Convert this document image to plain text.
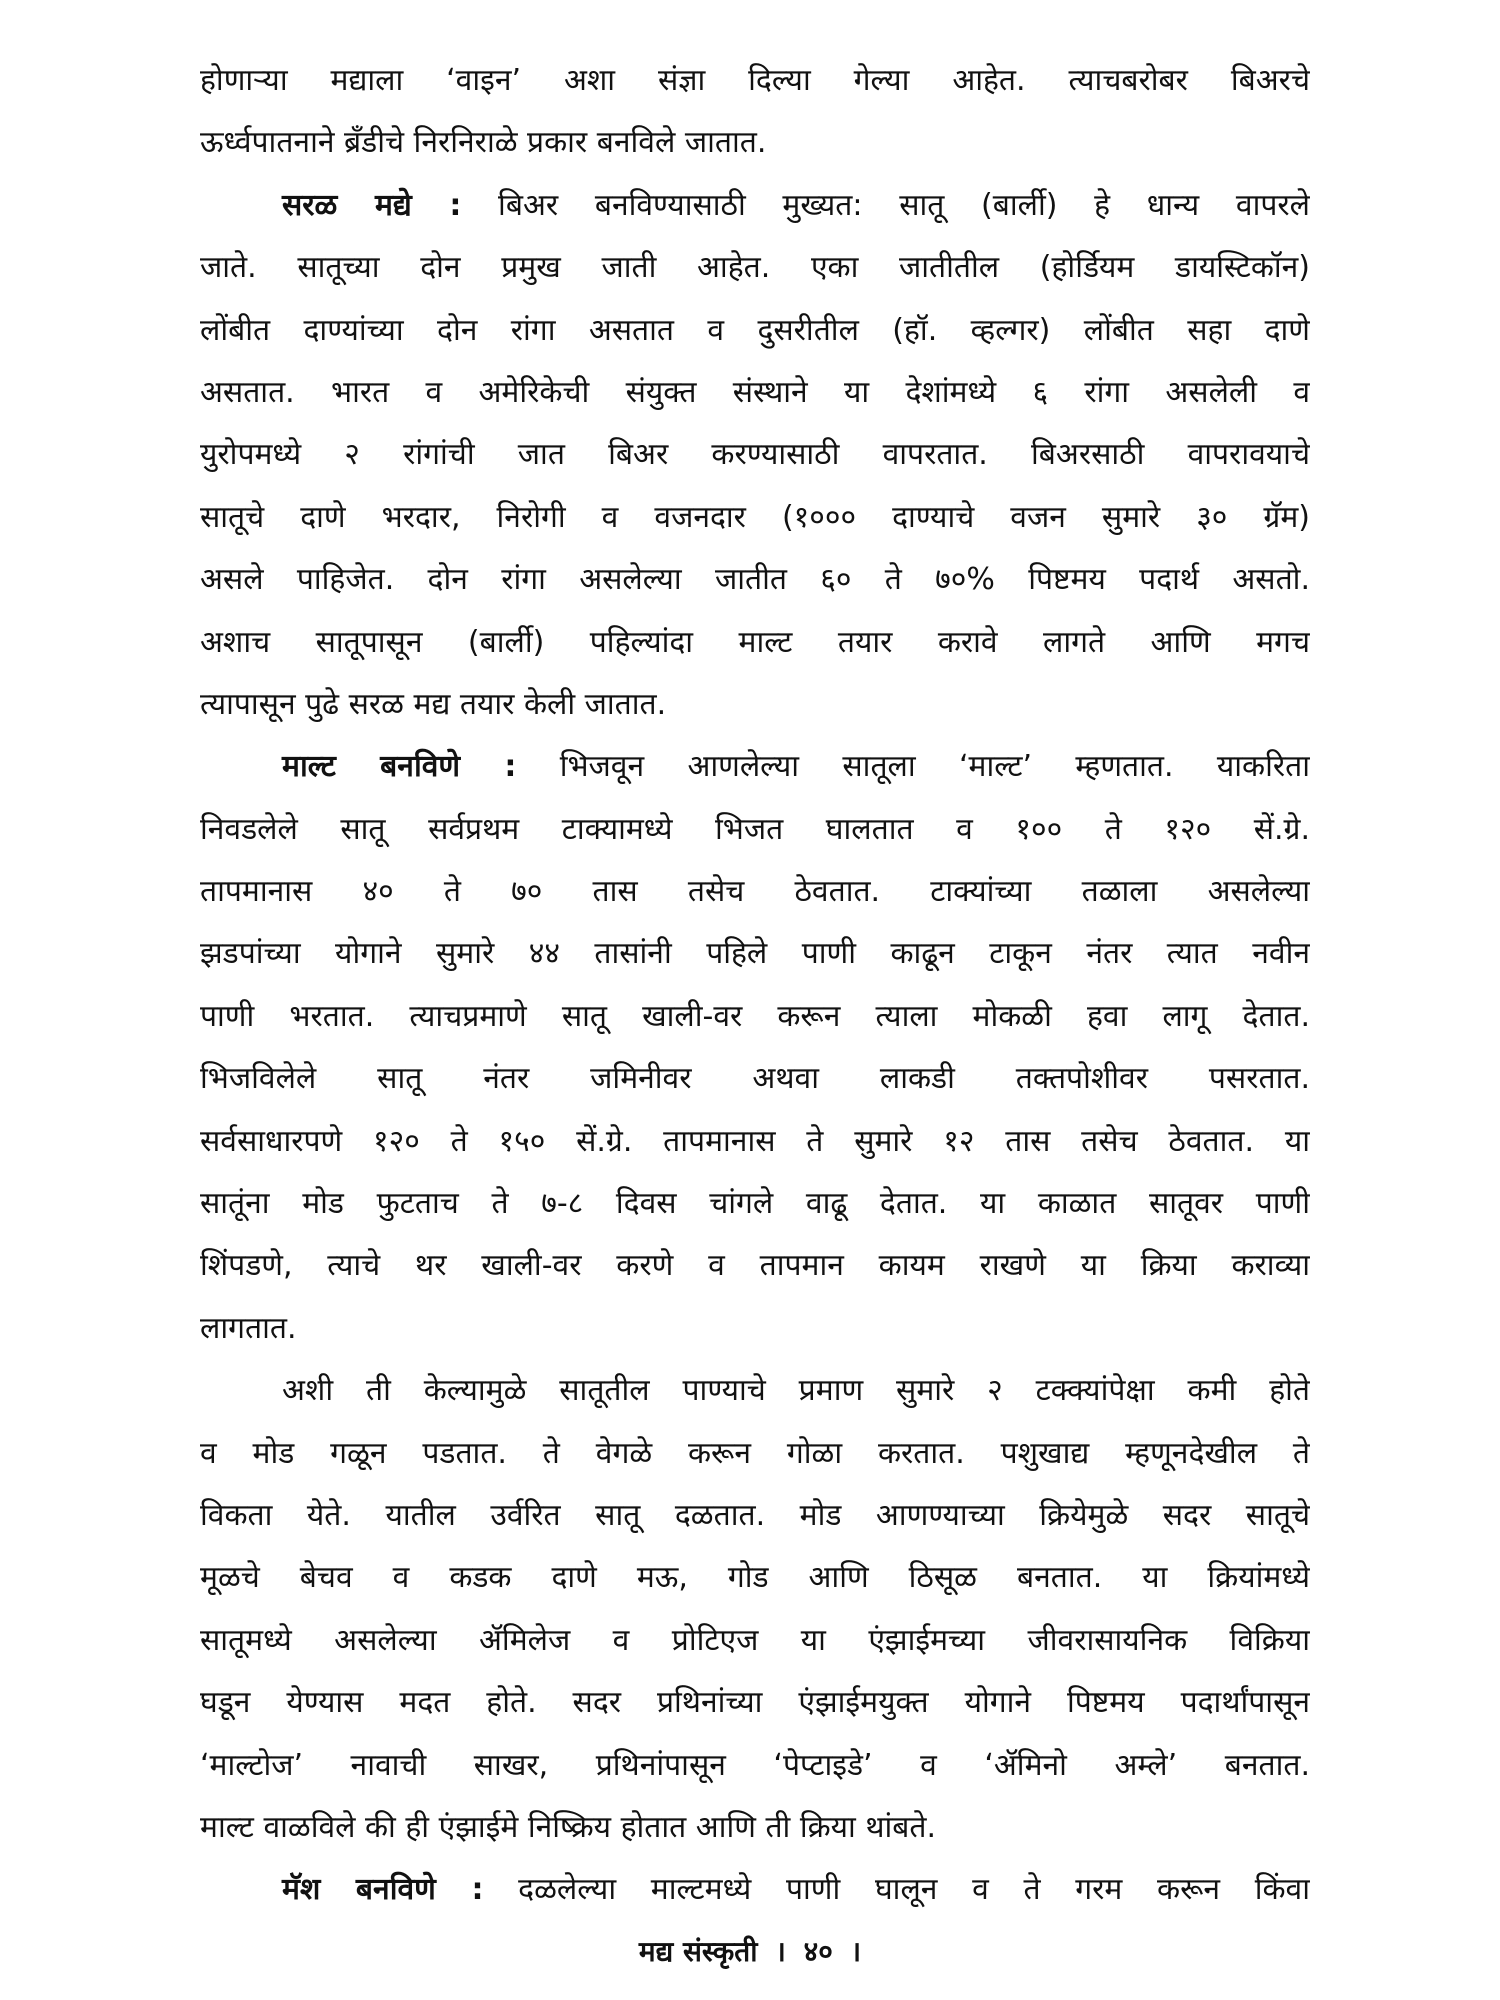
होणाऱ्या मद्याला ‘वाइन’ अशा संज्ञा दिल्या गेल्या आहेत. त्याचबरोबर बिअरचे
ऊर्ध्वपातनाने ब्रँडीचे निरनिराळे प्रकार बनविले जातात.
सरळ मद्ये : बिअर बनविण्यासाठी मुख्यत: सातू (बार्ली) हे धान्य वापरले
जाते. सातूच्या दोन प्रमुख जाती आहेत. एका जातीतील (होर्डियम डायस्टिकॉन)
लोंबीत दाण्यांच्या दोन रांगा असतात व दुसरीतील (हॉ. व्हल्गर) लोंबीत सहा दाणे
असतात. भारत व अमेरिकेची संयुक्त संस्थाने या देशांमध्ये ६ रांगा असलेली व
युरोपमध्ये २ रांगांची जात बिअर करण्यासाठी वापरतात. बिअरसाठी वापरावयाचे
सातूचे दाणे भरदार, निरोगी व वजनदार (१००० दाण्याचे वजन सुमारे ३० ग्रॅम)
असले पाहिजेत. दोन रांगा असलेल्या जातीत ६० ते ७०% पिष्टमय पदार्थ असतो.
अशाच सातूपासून (बार्ली) पहिल्यांदा माल्ट तयार करावे लागते आणि मगच
त्यापासून पुढे सरळ मद्य तयार केली जातात.
माल्ट बनविणे : भिजवून आणलेल्या सातूला ‘माल्ट’ म्हणतात. याकरिता
निवडलेले सातू सर्वप्रथम टाक्यामध्ये भिजत घालतात व १०० ते १२० सें.ग्रे.
तापमानास ४० ते ७० तास तसेच ठेवतात. टाक्यांच्या तळाला असलेल्या
झडपांच्या योगाने सुमारे ४४ तासांनी पहिले पाणी काढून टाकून नंतर त्यात नवीन
पाणी भरतात. त्याचप्रमाणे सातू खाली-वर करून त्याला मोकळी हवा लागू देतात.
भिजविलेले सातू नंतर जमिनीवर अथवा लाकडी तक्तपोशीवर पसरतात.
सर्वसाधारपणे १२० ते १५० सें.ग्रे. तापमानास ते सुमारे १२ तास तसेच ठेवतात. या
सातूंना मोड फुटताच ते ७-८ दिवस चांगले वाढू देतात. या काळात सातूवर पाणी
शिंपडणे, त्याचे थर खाली-वर करणे व तापमान कायम राखणे या क्रिया कराव्या
लागतात.
अशी ती केल्यामुळे सातूतील पाण्याचे प्रमाण सुमारे २ टक्क्यांपेक्षा कमी होते
व मोड गळून पडतात. ते वेगळे करून गोळा करतात. पशुखाद्य म्हणूनदेखील ते
विकता येते. यातील उर्वरित सातू दळतात. मोड आणण्याच्या क्रियेमुळे सदर सातूचे
मूळचे बेचव व कडक दाणे मऊ, गोड आणि ठिसूळ बनतात. या क्रियांमध्ये
सातूमध्ये असलेल्या ॲमिलेज व प्रोटिएज या एंझाईमच्या जीवरासायनिक विक्रिया
घडून येण्यास मदत होते. सदर प्रथिनांच्या एंझाईमयुक्त योगाने पिष्टमय पदार्थांपासून
‘माल्टोज’ नावाची साखर, प्रथिनांपासून ‘पेप्टाइडे’ व ‘ॲमिनो अम्ले’ बनतात.
माल्ट वाळविले की ही एंझाईमे निष्क्रिय होतात आणि ती क्रिया थांबते.
मॅश बनविणे : दळलेल्या माल्टमध्ये पाणी घालून व ते गरम करून किंवा
मद्य संस्कृती । ४० ।
